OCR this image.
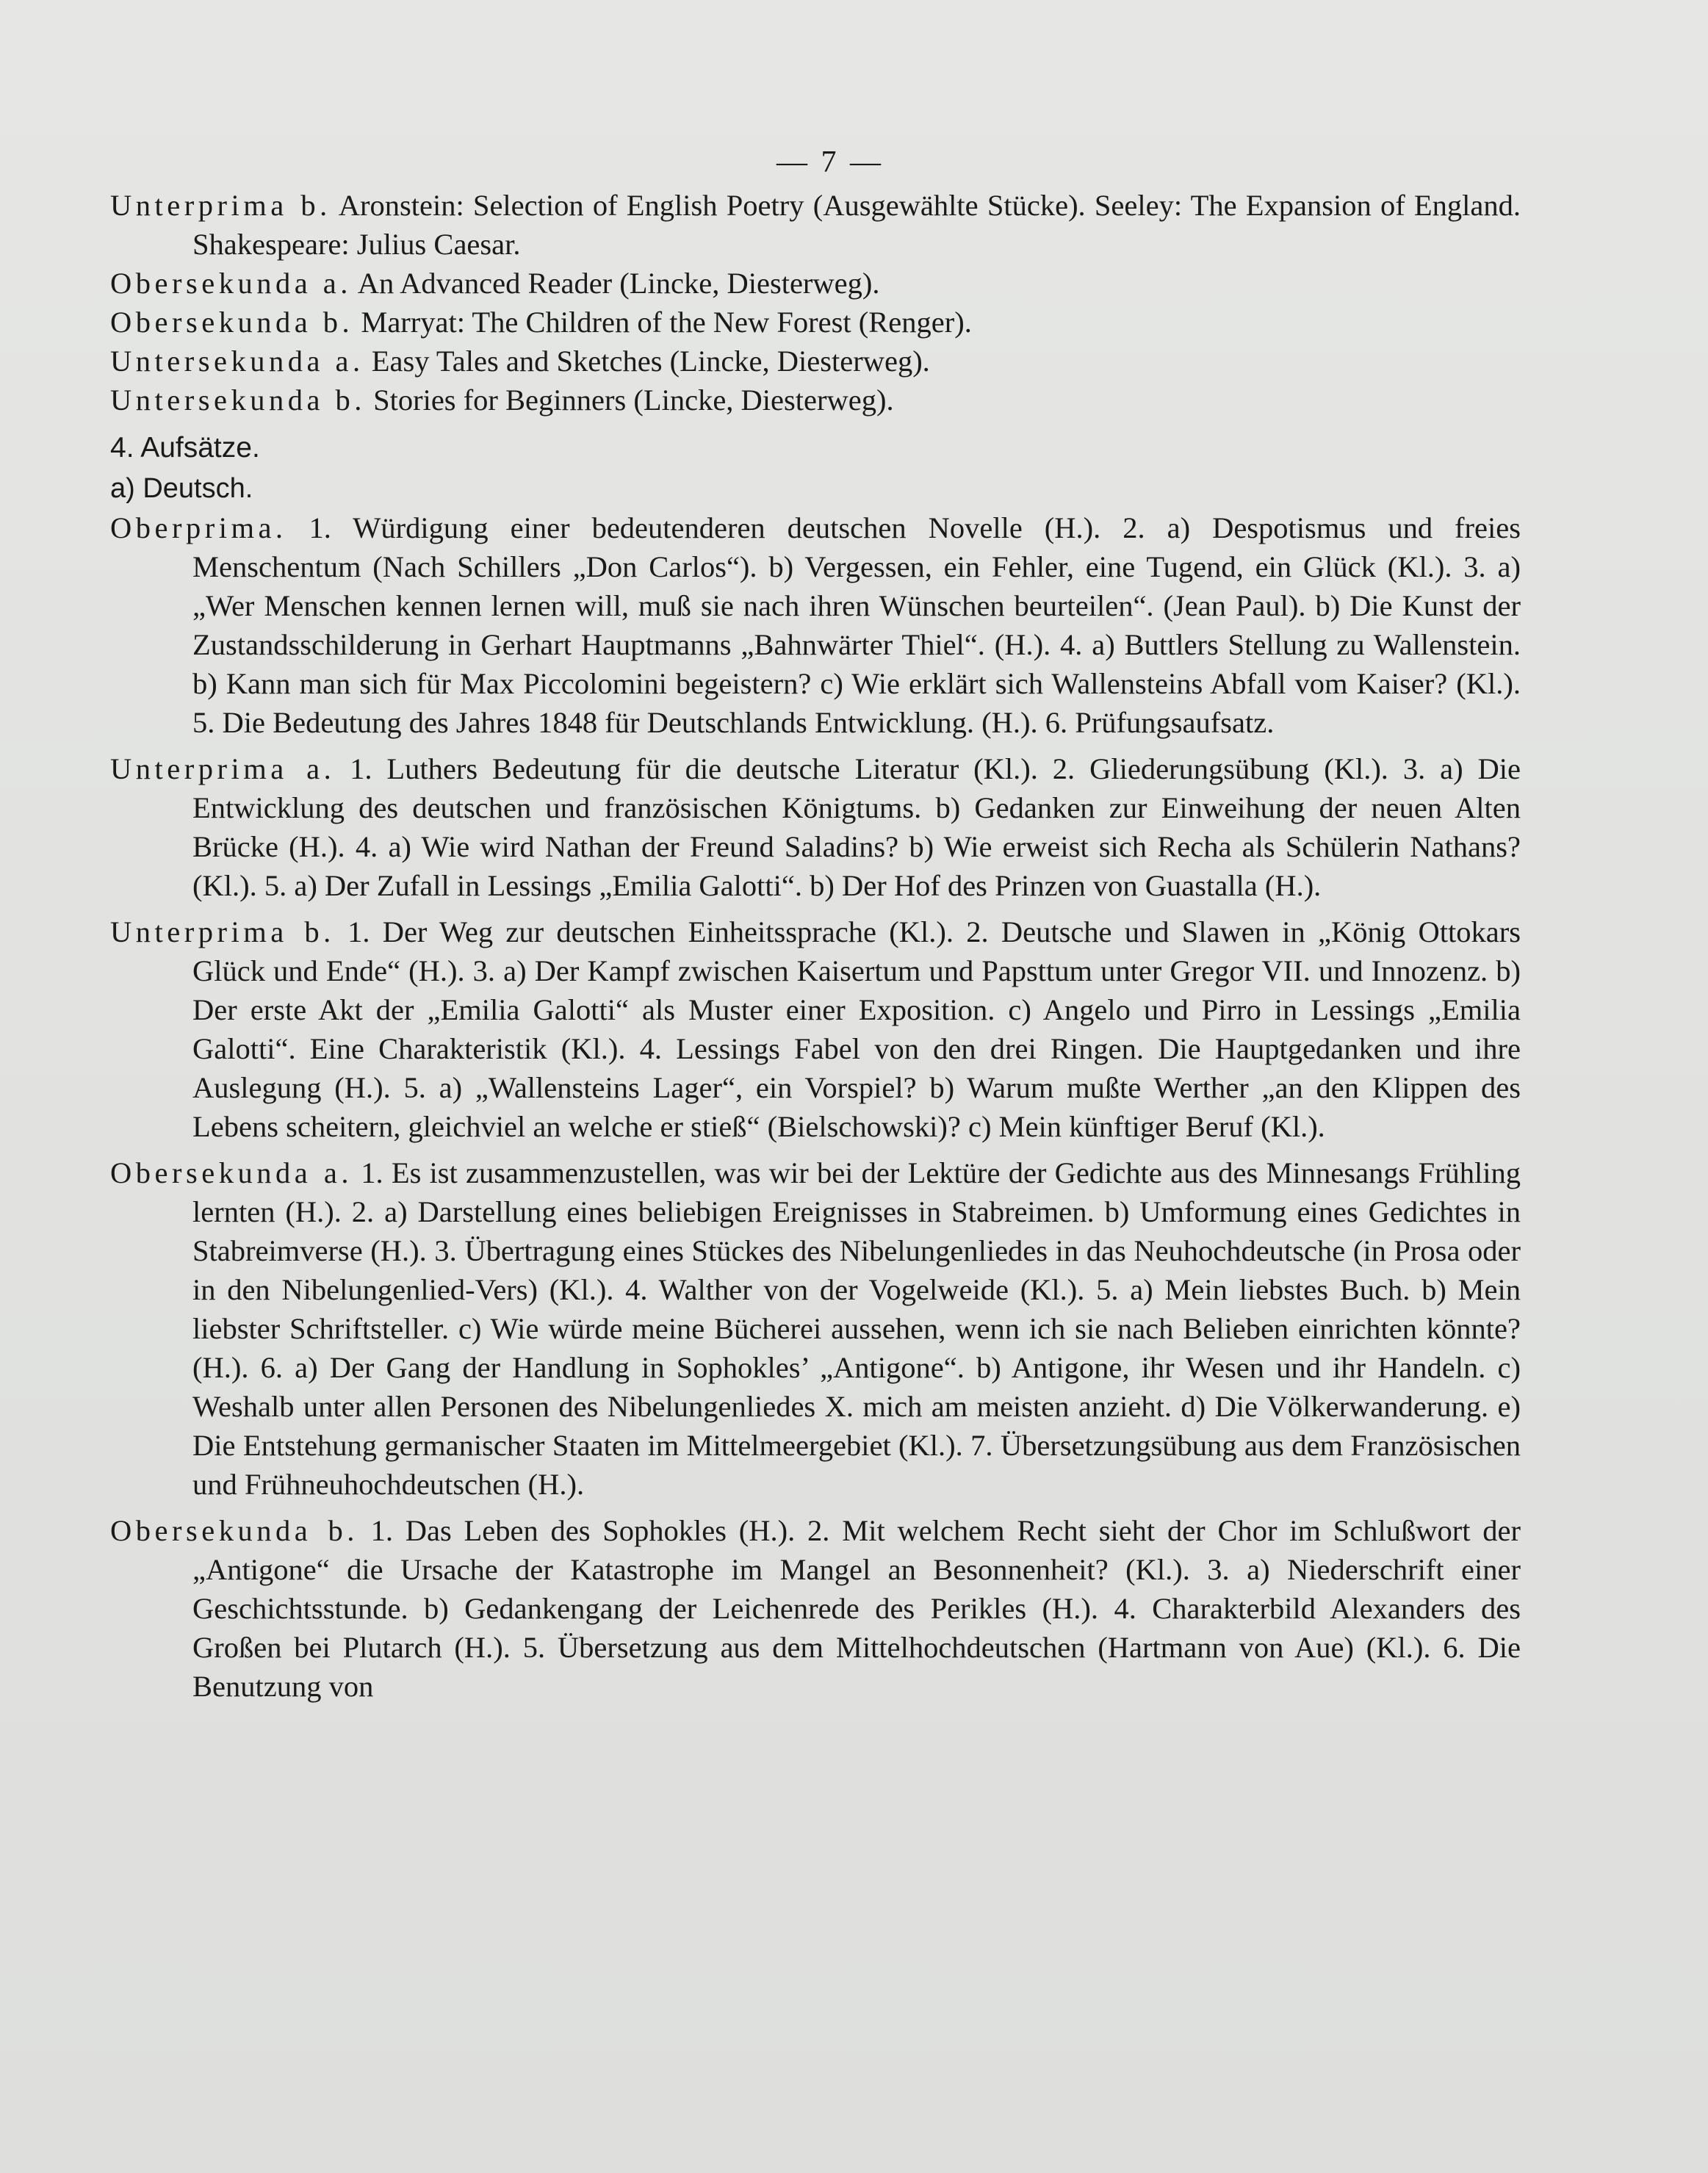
— 7 —

Unterprima b. Aronstein: Selection of English Poetry (Ausgewählte Stücke). Seeley: The Expansion of England. Shakespeare: Julius Caesar.

Obersekunda a. An Advanced Reader (Lincke, Diesterweg).

Obersekunda b. Marryat: The Children of the New Forest (Renger).

Untersekunda a. Easy Tales and Sketches (Lincke, Diesterweg).

Untersekunda b. Stories for Beginners (Lincke, Diesterweg).

4. Aufsätze.
a) Deutsch.

Oberprima. 1. Würdigung einer bedeutenderen deutschen Novelle (H.). 2. a) Despotismus und freies Menschentum (Nach Schillers „Don Carlos“). b) Vergessen, ein Fehler, eine Tugend, ein Glück (Kl.). 3. a) „Wer Menschen kennen lernen will, muß sie nach ihren Wünschen beurteilen“. (Jean Paul). b) Die Kunst der Zustandsschilderung in Gerhart Hauptmanns „Bahnwärter Thiel“. (H.). 4. a) Buttlers Stellung zu Wallenstein. b) Kann man sich für Max Piccolomini begeistern? c) Wie erklärt sich Wallensteins Abfall vom Kaiser? (Kl.). 5. Die Bedeutung des Jahres 1848 für Deutschlands Entwicklung. (H.). 6. Prüfungsaufsatz.

Unterprima a. 1. Luthers Bedeutung für die deutsche Literatur (Kl.). 2. Gliederungsübung (Kl.). 3. a) Die Entwicklung des deutschen und französischen Königtums. b) Gedanken zur Einweihung der neuen Alten Brücke (H.). 4. a) Wie wird Nathan der Freund Saladins? b) Wie erweist sich Recha als Schülerin Nathans? (Kl.). 5. a) Der Zufall in Lessings „Emilia Galotti“. b) Der Hof des Prinzen von Guastalla (H.).

Unterprima b. 1. Der Weg zur deutschen Einheitssprache (Kl.). 2. Deutsche und Slawen in „König Ottokars Glück und Ende“ (H.). 3. a) Der Kampf zwischen Kaisertum und Papsttum unter Gregor VII. und Innozenz. b) Der erste Akt der „Emilia Galotti“ als Muster einer Exposition. c) Angelo und Pirro in Lessings „Emilia Galotti“. Eine Charakteristik (Kl.). 4. Lessings Fabel von den drei Ringen. Die Hauptgedanken und ihre Auslegung (H.). 5. a) „Wallensteins Lager“, ein Vorspiel? b) Warum mußte Werther „an den Klippen des Lebens scheitern, gleichviel an welche er stieß“ (Bielschowski)? c) Mein künftiger Beruf (Kl.).

Obersekunda a. 1. Es ist zusammenzustellen, was wir bei der Lektüre der Gedichte aus des Minnesangs Frühling lernten (H.). 2. a) Darstellung eines beliebigen Ereignisses in Stabreimen. b) Umformung eines Gedichtes in Stabreimverse (H.). 3. Übertragung eines Stückes des Nibelungenliedes in das Neuhochdeutsche (in Prosa oder in den Nibelungenlied-Vers) (Kl.). 4. Walther von der Vogelweide (Kl.). 5. a) Mein liebstes Buch. b) Mein liebster Schriftsteller. c) Wie würde meine Bücherei aussehen, wenn ich sie nach Belieben einrichten könnte? (H.). 6. a) Der Gang der Handlung in Sophokles’ „Antigone“. b) Antigone, ihr Wesen und ihr Handeln. c) Weshalb unter allen Personen des Nibelungenliedes X. mich am meisten anzieht. d) Die Völkerwanderung. e) Die Entstehung germanischer Staaten im Mittelmeergebiet (Kl.). 7. Übersetzungsübung aus dem Französischen und Frühneuhochdeutschen (H.).

Obersekunda b. 1. Das Leben des Sophokles (H.). 2. Mit welchem Recht sieht der Chor im Schlußwort der „Antigone“ die Ursache der Katastrophe im Mangel an Besonnenheit? (Kl.). 3. a) Niederschrift einer Geschichtsstunde. b) Gedankengang der Leichenrede des Perikles (H.). 4. Charakterbild Alexanders des Großen bei Plutarch (H.). 5. Übersetzung aus dem Mittelhochdeutschen (Hartmann von Aue) (Kl.). 6. Die Benutzung von
